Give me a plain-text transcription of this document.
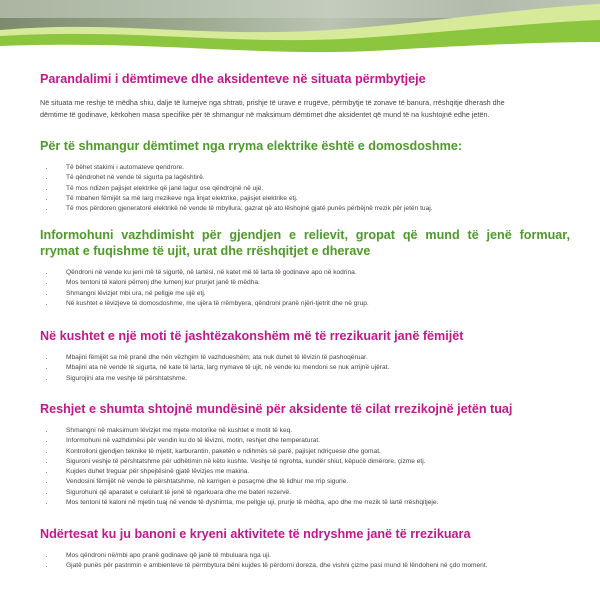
Parandalimi i dëmtimeve dhe aksidenteve në situata përmbytjeje

Në situata me reshje të mëdha shiu, dalje të lumejve nga shtrati, prishje të urave e rrugëve, përmbytje të zonave të banura, rrëshqitje dherash dhe
dëmtime të godinave, kërkohen masa specifike për të shmangur në maksimum dëmtimet dhe aksidentet që mund të na kushtojnë edhe jetën.

Për të shmangur dëmtimet nga rryma elektrike është e domosdoshme:

· Të bëhet stakimi i automateve qendrore.
· Të qëndrohet në vende të sigurta pa lagështirë.
· Të mos ndizen pajisjet elektrike që janë lagur ose qëndrojnë në ujë.
· Të mbahen fëmijët sa më larg rrezikeve nga linjat elektrike, pajisjet elektrike etj.
· Të mos përdoren gjeneratorë elektrikë në vende të mbyllura; gazrat që ato lëshojnë gjatë punës përbëjnë rrezik për jetën tuaj.

Informohuni vazhdimisht për gjendjen e relievit, gropat që mund të jenë formuar,

rrymat e fuqishme të ujit, urat dhe rrëshqitjet e dherave

· Qëndroni në vende ku jeni më të sigurtë, në lartësi, në katet më të larta të godinave apo në kodrina.
· Mos tentoni të kaloni përrenj dhe lumenj kur prurjet janë të mëdha.
· Shmangni lëvizjet mbi ura, në pellgje me ujë etj.
· Në kushtet e lëvizjeve të domosdoshme, me ujëra të rrëmbyera, qëndroni pranë njëri-tjetrit dhe në grup.

Në kushtet e një moti të jashtëzakonshëm më të rrezikuarit janë fëmijët

· Mbajini fëmijët sa më pranë dhe nën vëzhgim të vazhdueshëm; ata nuk duhet të lëvizin të pashoqëruar.
· Mbajini ata në vende të sigurta, në kate të larta, larg rrymave të ujit, në vende ku mendoni se nuk arrijnë ujërat.
· Sigurojini ata me veshje të përshtatshme.

Reshjet e shumta shtojnë mundësinë për aksidente të cilat rrezikojnë jetën tuaj

· Shmangni në maksimum lëvizjet me mjete motorike në kushtet e motit të keq.
· Informohuni në vazhdimësi për vendin ku do të lëvizni, motin, reshjet dhe temperaturat.
· Kontrolloni gjendjen teknike të mjetit, karburantin, paketën e ndihmës së parë, pajisjet ndriçuese dhe gomat.
· Siguroni veshje të përshtatshme për udhëtimin në këto kushte. Veshje të ngrohta, kundër shiut, këpucë dimërore, çizme etj.
· Kujdes duhet treguar për shpejtësinë gjatë lëvizjes me makina.
· Vendosini fëmijët në vende të përshtatshme, në karrigen e posaçme dhe të lidhur me rrip sigurie.
· Sigurohuni që aparatet e celularit të jenë të ngarkuara dhe me bateri rezervë.
· Mos tentoni të kaloni në mjetin tuaj në vende të dyshimta, me pellgje uji, prurje të mëdha, apo dhe me rrezik të lartë rrëshqitjeje.

Ndërtesat ku ju banoni e kryeni aktivitete të ndryshme janë të rrezikuara

· Mos qëndroni në/mbi apo pranë godinave që janë të mbuluara nga uji.
· Gjatë punës për pastrimin e ambienteve të përmbytura bëni kujdes të përdorni doreza, dhe vishni çizme pasi mund të lëndoheni në çdo moment.
